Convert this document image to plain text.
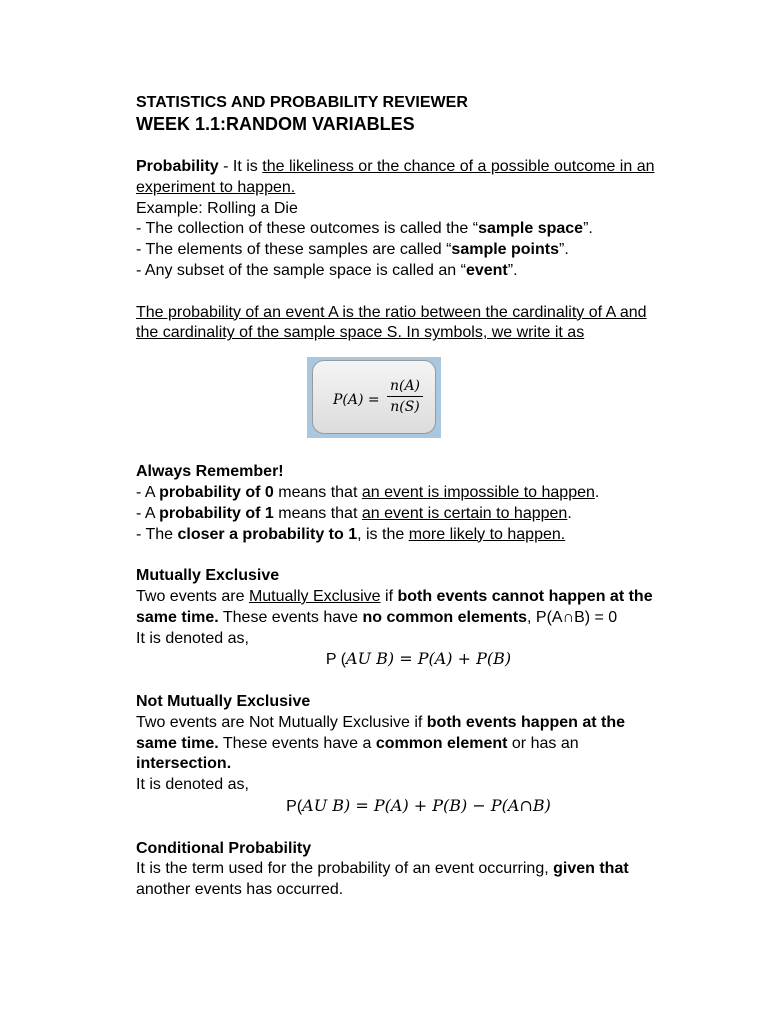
STATISTICS AND PROBABILITY REVIEWER
WEEK 1.1:RANDOM VARIABLES
Probability - It is the likeliness or the chance of a possible outcome in an
experiment to happen.
Example: Rolling a Die
- The collection of these outcomes is called the “sample space”.
- The elements of these samples are called “sample points”.
- Any subset of the sample space is called an “event”.
The probability of an event A is the ratio between the cardinality of A and
the cardinality of the sample space S. In symbols, we write it as
Always Remember!
- A probability of 0 means that an event is impossible to happen.
- A probability of 1 means that an event is certain to happen.
- The closer a probability to 1, is the more likely to happen.
Mutually Exclusive
Two events are Mutually Exclusive if both events cannot happen at the
same time. These events have no common elements, P(A∩B) = 0
It is denoted as,
P (AU B) = P(A) + P(B)
Not Mutually Exclusive
Two events are Not Mutually Exclusive if both events happen at the
same time. These events have a common element or has an
intersection.
It is denoted as,
P(AU B) = P(A) + P(B) − P(A∩B)
Conditional Probability
It is the term used for the probability of an event occurring, given that
another events has occurred.
P(A) =
n(A)
n(S)
